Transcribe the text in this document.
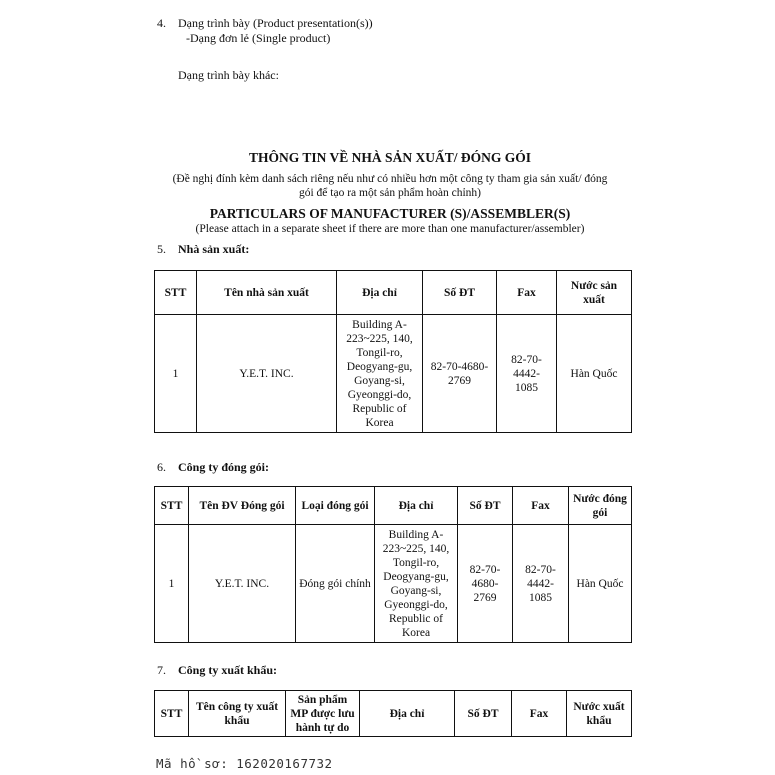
4. Dạng trình bày (Product presentation(s))
-Dạng đơn lẻ (Single product)
Dạng trình bày khác:
THÔNG TIN VỀ NHÀ SẢN XUẤT/ ĐÓNG GÓI
(Đề nghị đính kèm danh sách riêng nếu như có nhiều hơn một công ty tham gia sản xuất/ đóng
gói để tạo ra một sản phẩm hoàn chỉnh)
PARTICULARS OF MANUFACTURER (S)/ASSEMBLER(S)
(Please attach in a separate sheet if there are more than one manufacturer/assembler)
5. Nhà sản xuất:
STT	Tên nhà sản xuất	Địa chỉ	Số ĐT	Fax	Nước sản xuất
1	Y.E.T. INC.	Building A-223~225, 140, Tongil-ro, Deogyang-gu, Goyang-si, Gyeonggi-do, Republic of Korea	82-70-4680-2769	82-70-4442-1085	Hàn Quốc
6. Công ty đóng gói:
STT	Tên ĐV Đóng gói	Loại đóng gói	Địa chỉ	Số ĐT	Fax	Nước đóng gói
1	Y.E.T. INC.	Đóng gói chính	Building A-223~225, 140, Tongil-ro, Deogyang-gu, Goyang-si, Gyeonggi-do, Republic of Korea	82-70-4680-2769	82-70-4442-1085	Hàn Quốc
7. Công ty xuất khẩu:
STT	Tên công ty xuất khẩu	Sản phẩm MP được lưu hành tự do	Địa chỉ	Số ĐT	Fax	Nước xuất khẩu
Mã hồ sơ: 162020167732
